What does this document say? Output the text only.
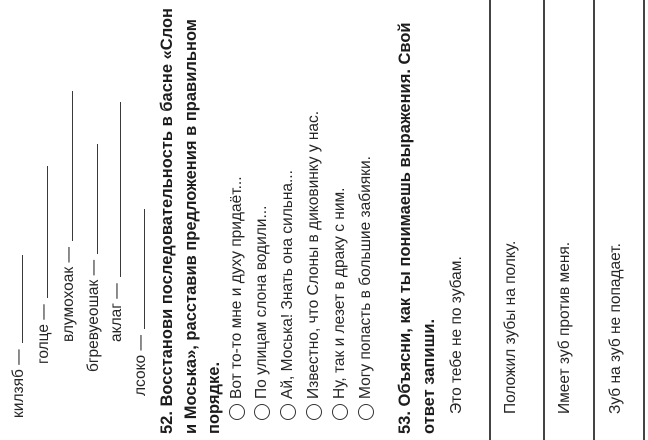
килзяб —
голце — влумохоак — бгревуеошак — аклаг —
лсоко — 52. Восстанови последовательность в басне «Слон и Моська», расставив предложения в правильном порядке. Вот то-то мне и духу придаёт... По улицам слона водили... Ай, Моська! Знать она сильна... Известно, что Слоны в диковинку у нас. Ну, так и лезет в драку с ним. Могу попасть в большие забияки. 53. Объясни, как ты понимаешь выражения. Свой ответ запиши. Это тебе не по зубам. Положил зубы на полку. Имеет зуб против меня. Зуб на зуб не попадает.
